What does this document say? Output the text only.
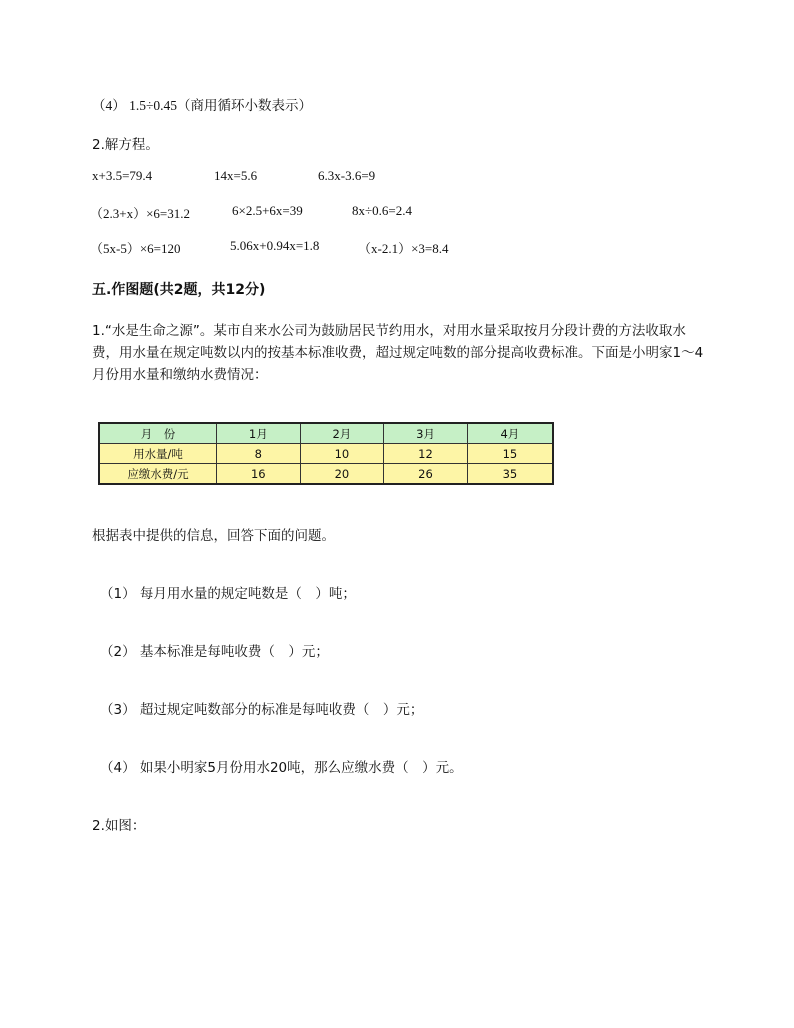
（4） 1.5÷0.45（商用循环小数表示）
2.解方程。
x+3.5=79.4	14x=5.6	6.3x-3.6=9
（2.3+x）×6=31.2	6×2.5+6x=39	8x÷0.6=2.4
（5x-5）×6=120	5.06x+0.94x=1.8	（x-2.1）×3=8.4
五.作图题(共2题，共12分)
1.“水是生命之源”。某市自来水公司为鼓励居民节约用水，对用水量采取按月分段计费的方法收取水费，用水量在规定吨数以内的按基本标准收费，超过规定吨数的部分提高收费标准。下面是小明家1～4月份用水量和缴纳水费情况：
月　份	1月	2月	3月	4月
用水量/吨	8	10	12	15
应缴水费/元	16	20	26	35
根据表中提供的信息，回答下面的问题。
（1） 每月用水量的规定吨数是（　）吨；
（2） 基本标准是每吨收费（　）元；
（3） 超过规定吨数部分的标准是每吨收费（　）元；
（4） 如果小明家5月份用水20吨，那么应缴水费（　）元。
2.如图：
